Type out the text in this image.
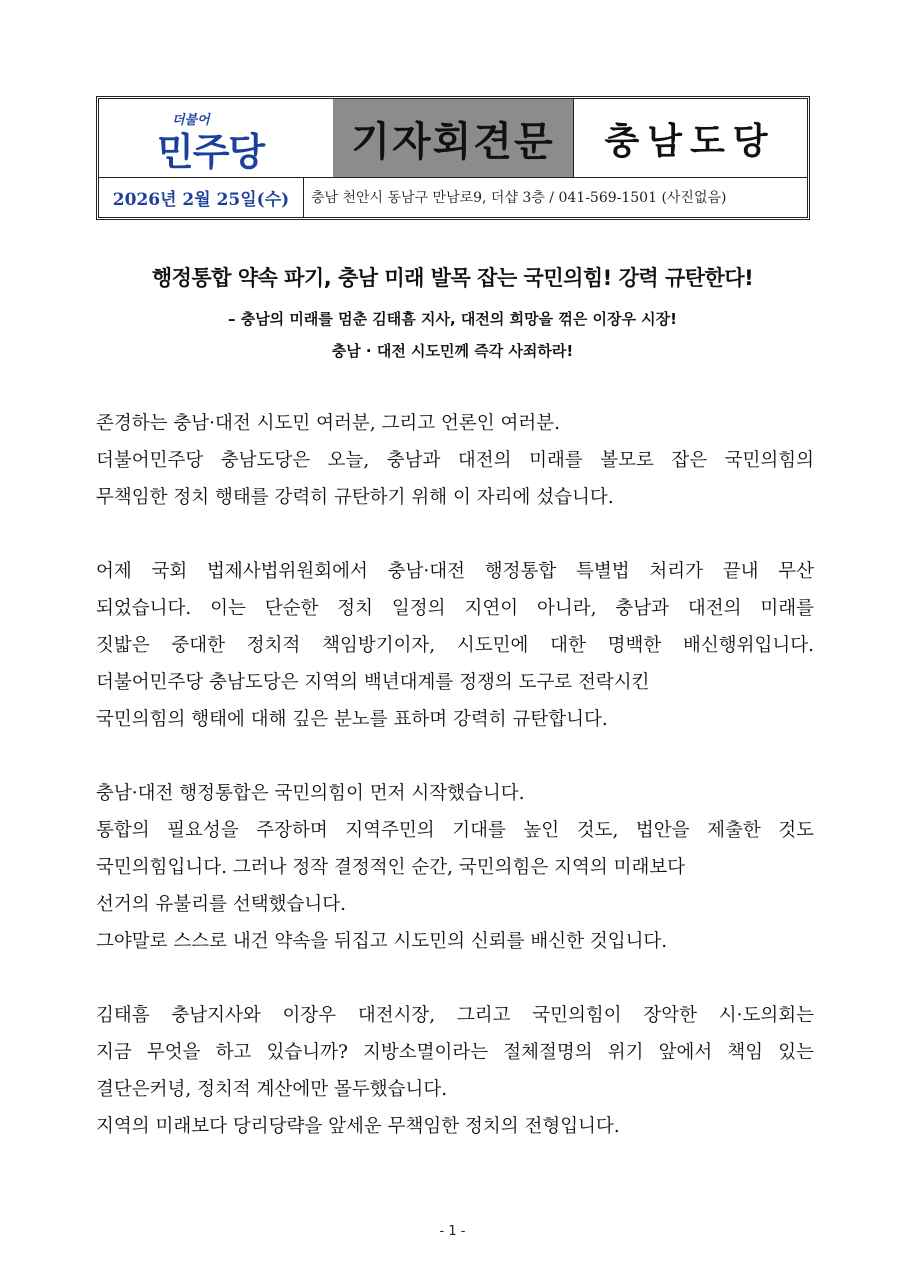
더불어
민주당 기자회견문 충남도당
2026년 2월 25일(수)	충남 천안시 동남구 만남로9, 더샵 3층 / 041-569-1501 (사진없음)
행정통합 약속 파기, 충남 미래 발목 잡는 국민의힘! 강력 규탄한다!
– 충남의 미래를 멈춘 김태흠 지사, 대전의 희망을 꺾은 이장우 시장!
충남 · 대전 시도민께 즉각 사죄하라!

존경하는 충남·대전 시도민 여러분, 그리고 언론인 여러분.
더불어민주당 충남도당은 오늘, 충남과 대전의 미래를 볼모로 잡은 국민의힘의
무책임한 정치 행태를 강력히 규탄하기 위해 이 자리에 섰습니다.

어제 국회 법제사법위원회에서 충남·대전 행정통합 특별법 처리가 끝내 무산
되었습니다. 이는 단순한 정치 일정의 지연이 아니라, 충남과 대전의 미래를
짓밟은 중대한 정치적 책임방기이자, 시도민에 대한 명백한 배신행위입니다.
더불어민주당 충남도당은 지역의 백년대계를 정쟁의 도구로 전락시킨
국민의힘의 행태에 대해 깊은 분노를 표하며 강력히 규탄합니다.

충남·대전 행정통합은 국민의힘이 먼저 시작했습니다.
통합의 필요성을 주장하며 지역주민의 기대를 높인 것도, 법안을 제출한 것도
국민의힘입니다. 그러나 정작 결정적인 순간, 국민의힘은 지역의 미래보다
선거의 유불리를 선택했습니다.
그야말로 스스로 내건 약속을 뒤집고 시도민의 신뢰를 배신한 것입니다.

김태흠 충남지사와 이장우 대전시장, 그리고 국민의힘이 장악한 시·도의회는
지금 무엇을 하고 있습니까? 지방소멸이라는 절체절명의 위기 앞에서 책임 있는
결단은커녕, 정치적 계산에만 몰두했습니다.
지역의 미래보다 당리당략을 앞세운 무책임한 정치의 전형입니다.

- 1 -
